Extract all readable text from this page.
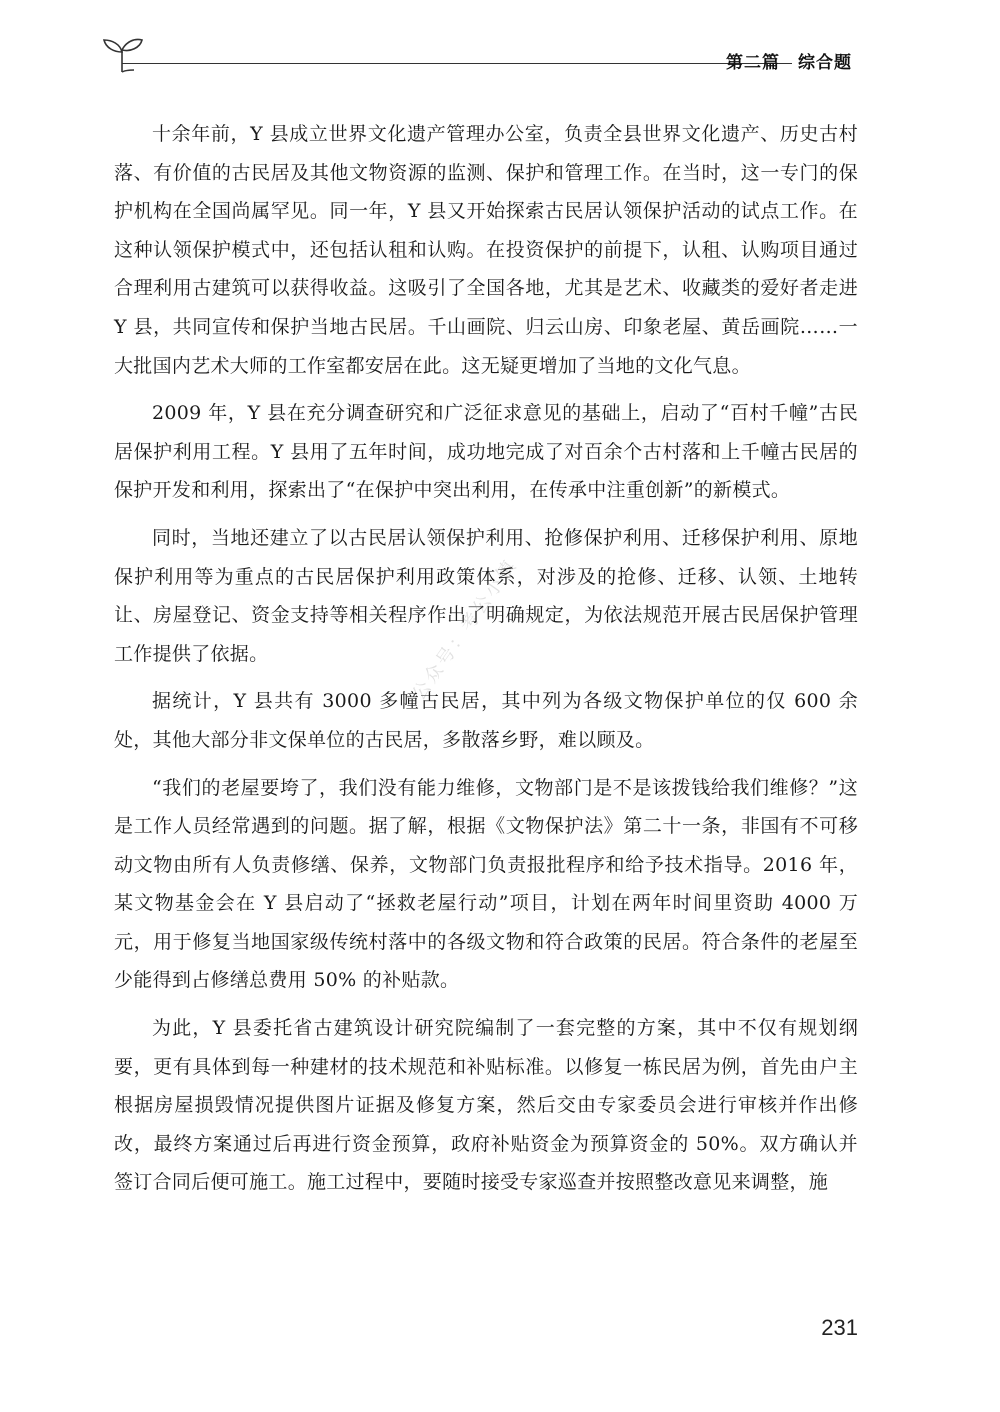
第二篇 综合题

十余年前，Y 县成立世界文化遗产管理办公室，负责全县世界文化遗产、历史古村落、有价值的古民居及其他文物资源的监测、保护和管理工作。在当时，这一专门的保护机构在全国尚属罕见。同一年，Y 县又开始探索古民居认领保护活动的试点工作。在这种认领保护模式中，还包括认租和认购。在投资保护的前提下，认租、认购项目通过合理利用古建筑可以获得收益。这吸引了全国各地，尤其是艺术、收藏类的爱好者走进 Y 县，共同宣传和保护当地古民居。千山画院、归云山房、印象老屋、黄岳画院……一大批国内艺术大师的工作室都安居在此。这无疑更增加了当地的文化气息。

2009 年，Y 县在充分调查研究和广泛征求意见的基础上，启动了“百村千幢”古民居保护利用工程。Y 县用了五年时间，成功地完成了对百余个古村落和上千幢古民居的保护开发和利用，探索出了“在保护中突出利用，在传承中注重创新”的新模式。

同时，当地还建立了以古民居认领保护利用、抢修保护利用、迁移保护利用、原地保护利用等为重点的古民居保护利用政策体系，对涉及的抢修、迁移、认领、土地转让、房屋登记、资金支持等相关程序作出了明确规定，为依法规范开展古民居保护管理工作提供了依据。

据统计，Y 县共有 3000 多幢古民居，其中列为各级文物保护单位的仅 600 余处，其他大部分非文保单位的古民居，多散落乡野，难以顾及。

“我们的老屋要垮了，我们没有能力维修，文物部门是不是该拨钱给我们维修？”这是工作人员经常遇到的问题。据了解，根据《文物保护法》第二十一条，非国有不可移动文物由所有人负责修缮、保养，文物部门负责报批程序和给予技术指导。2016 年，某文物基金会在 Y 县启动了“拯救老屋行动”项目，计划在两年时间里资助 4000 万元，用于修复当地国家级传统村落中的各级文物和符合政策的民居。符合条件的老屋至少能得到占修缮总费用 50% 的补贴款。

为此，Y 县委托省古建筑设计研究院编制了一套完整的方案，其中不仅有规划纲要，更有具体到每一种建材的技术规范和补贴标准。以修复一栋民居为例，首先由户主根据房屋损毁情况提供图片证据及修复方案，然后交由专家委员会进行审核并作出修改，最终方案通过后再进行资金预算，政府补贴资金为预算资金的 50%。双方确认并签订合同后便可施工。施工过程中，要随时接受专家巡查并按照整改意见来调整，施

公众号：考公小镇
231
